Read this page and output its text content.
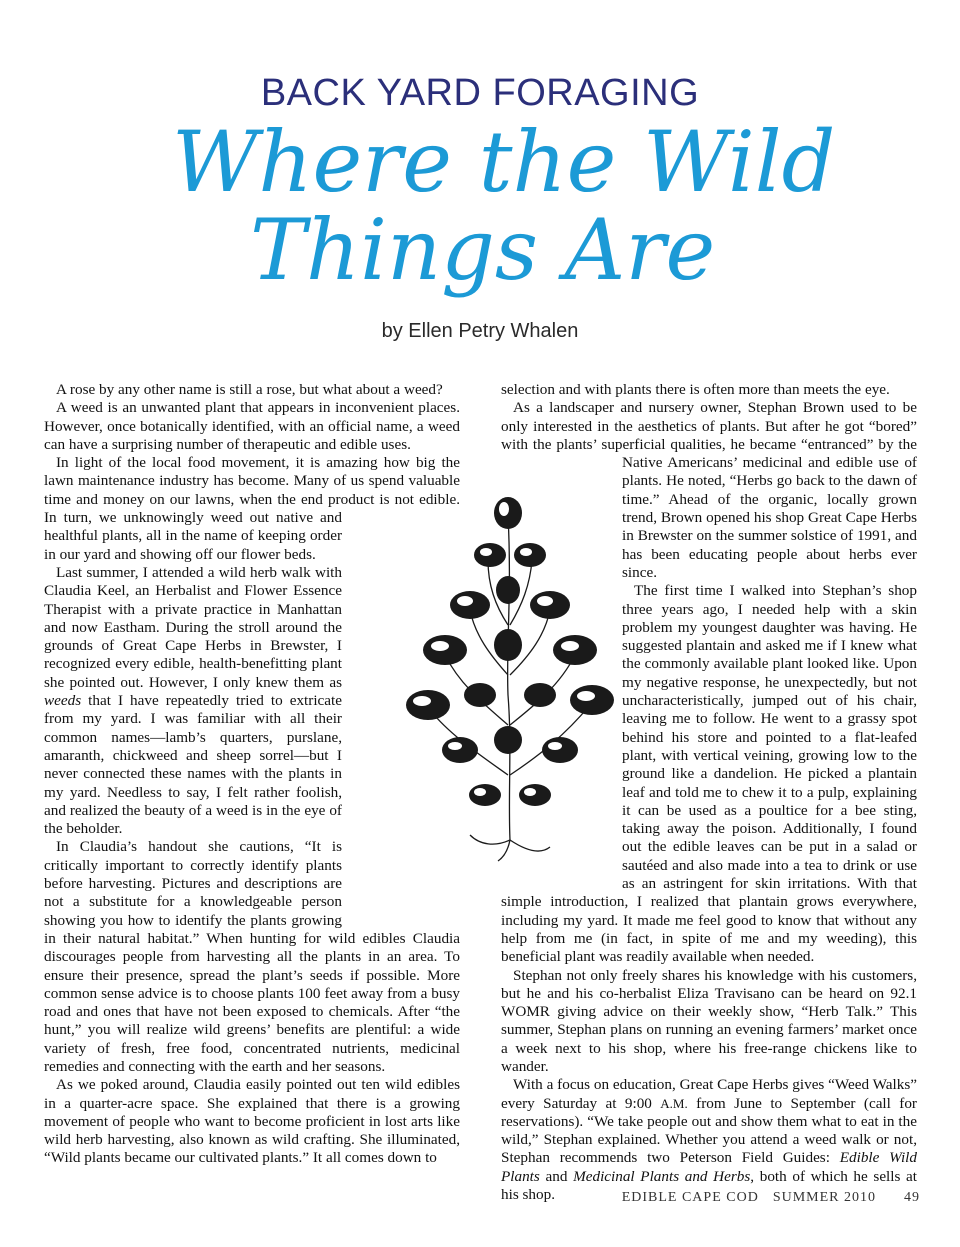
BACK YARD FORAGING
Where the Wild
Things Are
by Ellen Petry Whalen

A rose by any other name is still a rose, but what about a weed?

A weed is an unwanted plant that appears in inconvenient places. However, once botanically identified, with an official name, a weed can have a surprising number of therapeutic and edible uses.

In light of the local food movement, it is amazing how big the lawn maintenance industry has become. Many of us spend valuable time and money on our lawns, when the end product is not edible. In turn, we unknowingly weed out native and healthful plants, all in the name of keeping order in our yard and showing off our flower beds.

Last summer, I attended a wild herb walk with Claudia Keel, an Herbalist and Flower Essence Therapist with a private practice in Manhattan and now Eastham. During the stroll around the grounds of Great Cape Herbs in Brewster, I recognized every edible, health-benefitting plant she pointed out. However, I only knew them as weeds that I have repeatedly tried to extricate from my yard. I was familiar with all their common names—lamb’s quarters, purslane, amaranth, chickweed and sheep sorrel—but I never connected these names with the plants in my yard. Needless to say, I felt rather foolish, and realized the beauty of a weed is in the eye of the beholder.

In Claudia’s handout she cautions, “It is critically important to correctly identify plants before harvesting. Pictures and descriptions are not a substitute for a knowledgeable person showing you how to identify the plants growing in their natural habitat.” When hunting for wild edibles Claudia discourages people from harvesting all the plants in an area. To ensure their presence, spread the plant’s seeds if possible. More common sense advice is to choose plants 100 feet away from a busy road and ones that have not been exposed to chemicals. After “the hunt,” you will realize wild greens’ benefits are plentiful: a wide variety of fresh, free food, concentrated nutrients, medicinal remedies and connecting with the earth and her seasons.

As we poked around, Claudia easily pointed out ten wild edibles in a quarter-acre space. She explained that there is a growing movement of people who want to become proficient in lost arts like wild herb harvesting, also known as wild crafting. She illuminated, “Wild plants became our cultivated plants.” It all comes down to

selection and with plants there is often more than meets the eye.

As a landscaper and nursery owner, Stephan Brown used to be only interested in the aesthetics of plants. But after he got “bored” with the plants’ superficial qualities, he became “entranced” by the Native Americans’ medicinal and edible use of plants. He noted, “Herbs go back to the dawn of time.” Ahead of the organic, locally grown trend, Brown opened his shop Great Cape Herbs in Brewster on the summer solstice of 1991, and has been educating people about herbs ever since.

The first time I walked into Stephan’s shop three years ago, I needed help with a skin problem my youngest daughter was having. He suggested plantain and asked me if I knew what the commonly available plant looked like. Upon my negative response, he unexpectedly, but not uncharacteristically, jumped out of his chair, leaving me to follow. He went to a grassy spot behind his store and pointed to a flat-leafed plant, with vertical veining, growing low to the ground like a dandelion. He picked a plantain leaf and told me to chew it to a pulp, explaining it can be used as a poultice for a bee sting, taking away the poison. Additionally, I found out the edible leaves can be put in a salad or sautéed and also made into a tea to drink or use as an astringent for skin irritations. With that simple introduction, I realized that plantain grows everywhere, including my yard. It made me feel good to know that without any help from me (in fact, in spite of me and my weeding), this beneficial plant was readily available when needed.

Stephan not only freely shares his knowledge with his customers, but he and his co-herbalist Eliza Travisano can be heard on 92.1 WOMR giving advice on their weekly show, “Herb Talk.” This summer, Stephan plans on running an evening farmers’ market once a week next to his shop, where his free-range chickens like to wander.

With a focus on education, Great Cape Herbs gives “Weed Walks” every Saturday at 9:00 A.M. from June to September (call for reservations). “We take people out and show them what to eat in the wild,” Stephan explained. Whether you attend a weed walk or not, Stephan recommends two Peterson Field Guides: Edible Wild Plants and Medicinal Plants and Herbs, both of which he sells at his shop.	EDIBLE CAPE COD SUMMER 2010 49
